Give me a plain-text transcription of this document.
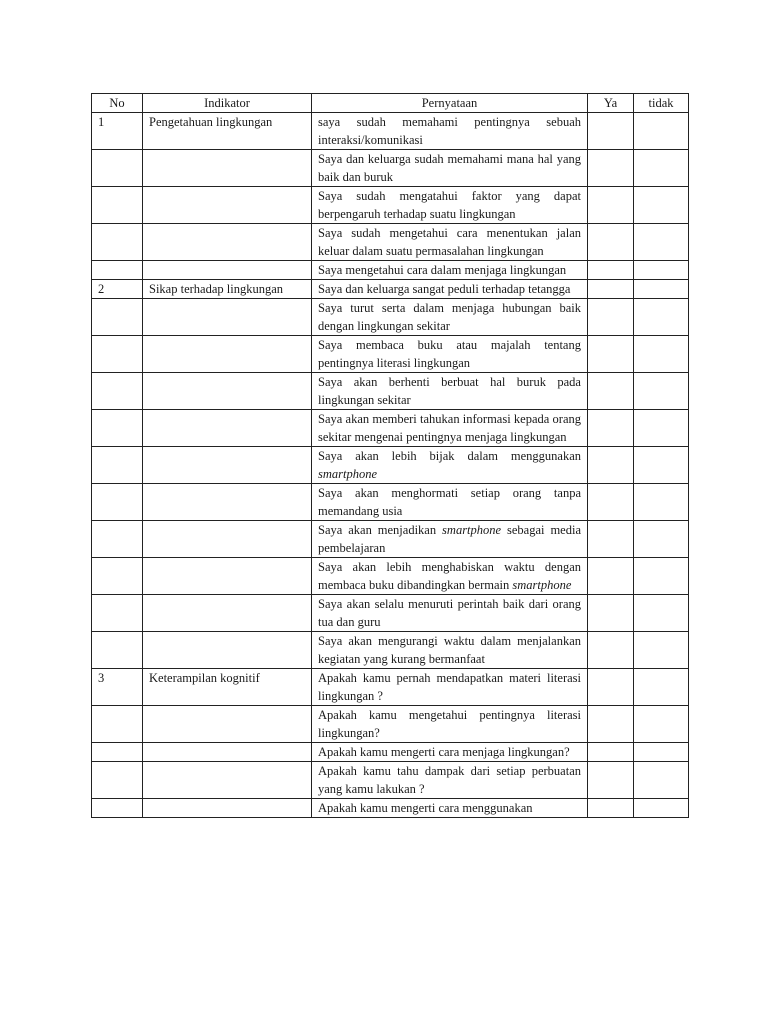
No	Indikator	Pernyataan	Ya	tidak
1	Pengetahuan lingkungan	saya sudah memahami pentingnya sebuah interaksi/komunikasi		
		Saya dan keluarga sudah memahami mana hal yang baik dan buruk		
		Saya sudah mengatahui faktor yang dapat berpengaruh terhadap suatu lingkungan		
		Saya sudah mengetahui cara menentukan jalan keluar dalam suatu permasalahan lingkungan		
		Saya mengetahui cara dalam menjaga lingkungan		
2	Sikap terhadap lingkungan	Saya dan keluarga sangat peduli terhadap tetangga		
		Saya turut serta dalam menjaga hubungan baik dengan lingkungan sekitar		
		Saya membaca buku atau majalah tentang pentingnya literasi lingkungan		
		Saya akan berhenti berbuat hal buruk pada lingkungan sekitar		
		Saya akan memberi tahukan informasi kepada orang sekitar mengenai pentingnya menjaga lingkungan		
		Saya akan lebih bijak dalam menggunakan smartphone		
		Saya akan menghormati setiap orang tanpa memandang usia		
		Saya akan menjadikan smartphone sebagai media pembelajaran		
		Saya akan lebih menghabiskan waktu dengan membaca buku dibandingkan bermain smartphone		
		Saya akan selalu menuruti perintah baik dari orang tua dan guru		
		Saya akan mengurangi waktu dalam menjalankan kegiatan yang kurang bermanfaat		
3	Keterampilan kognitif	Apakah kamu pernah mendapatkan materi literasi lingkungan ?		
		Apakah kamu mengetahui pentingnya literasi lingkungan?		
		Apakah kamu mengerti cara menjaga lingkungan?		
		Apakah kamu tahu dampak dari setiap perbuatan yang kamu lakukan ?		
		Apakah kamu mengerti cara menggunakan		
